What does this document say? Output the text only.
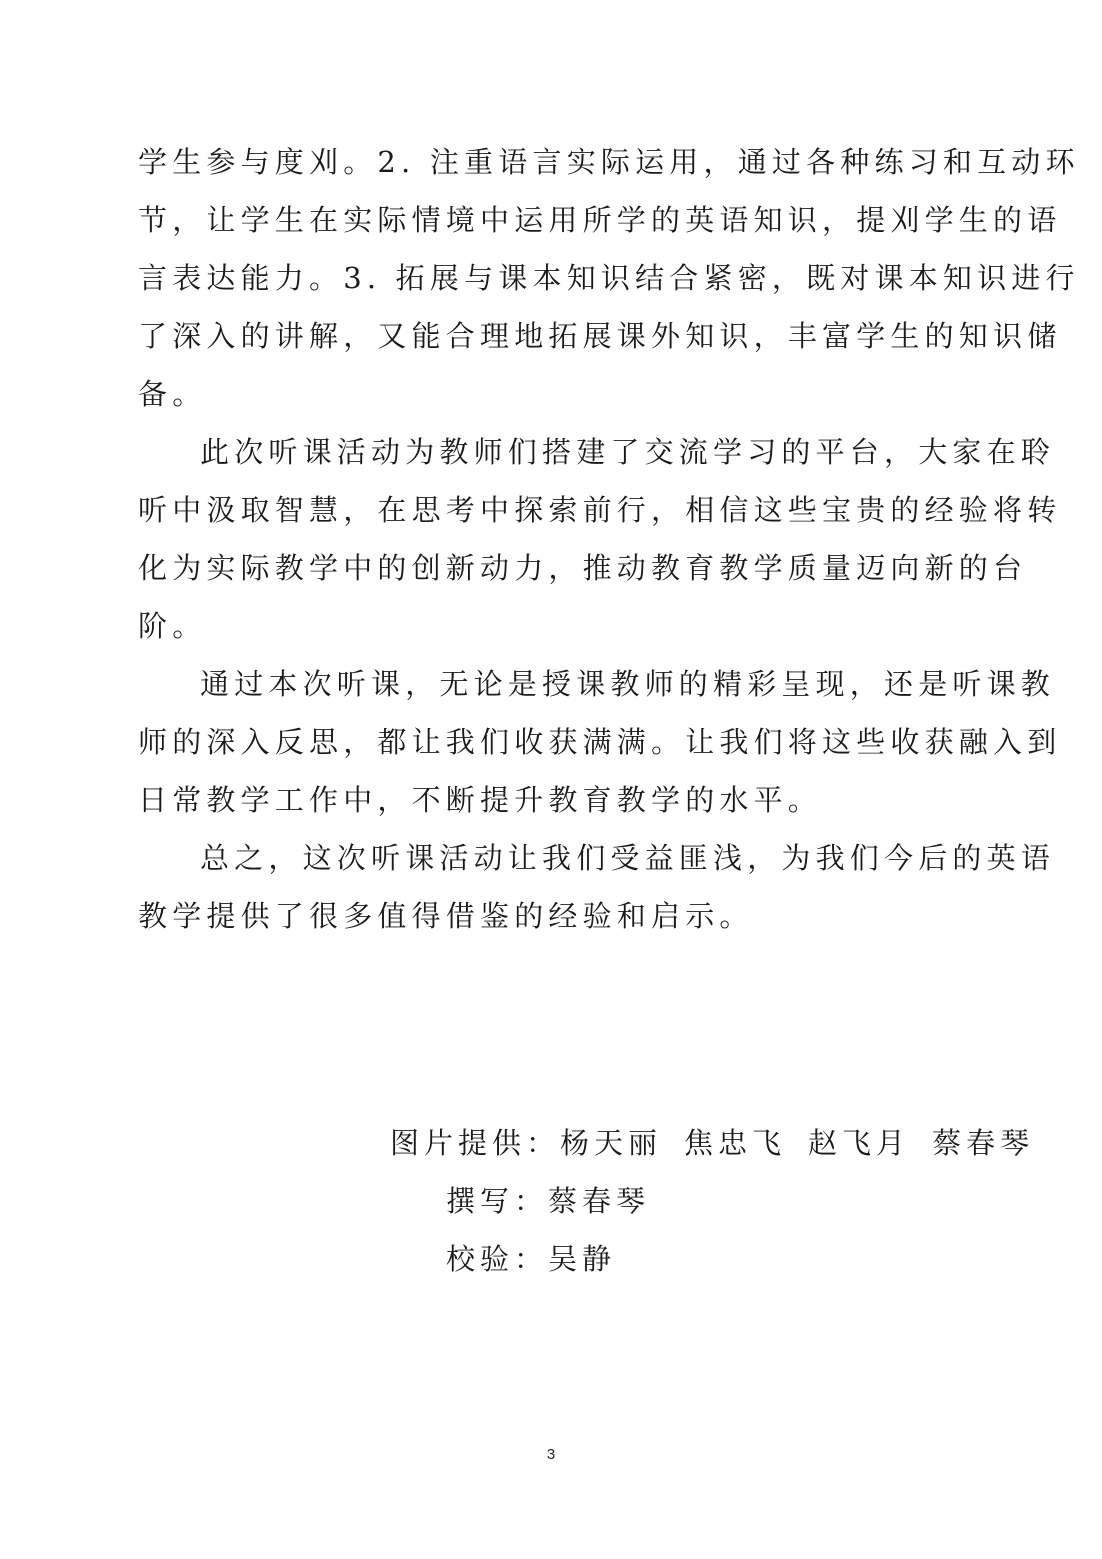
学生参与度刈。2. 注重语言实际运用，通过各种练习和互动环
节，让学生在实际情境中运用所学的英语知识，提刈学生的语
言表达能力。3. 拓展与课本知识结合紧密，既对课本知识进行
了深入的讲解，又能合理地拓展课外知识，丰富学生的知识储
备。
此次听课活动为教师们搭建了交流学习的平台，大家在聆
听中汲取智慧，在思考中探索前行，相信这些宝贵的经验将转
化为实际教学中的创新动力，推动教育教学质量迈向新的台
阶。
通过本次听课，无论是授课教师的精彩呈现，还是听课教
师的深入反思，都让我们收获满满。让我们将这些收获融入到
日常教学工作中，不断提升教育教学的水平。
总之，这次听课活动让我们受益匪浅，为我们今后的英语
教学提供了很多值得借鉴的经验和启示。
图片提供：杨天丽 焦忠飞 赵飞月 蔡春琴
撰写：蔡春琴
校验：吴静
3
